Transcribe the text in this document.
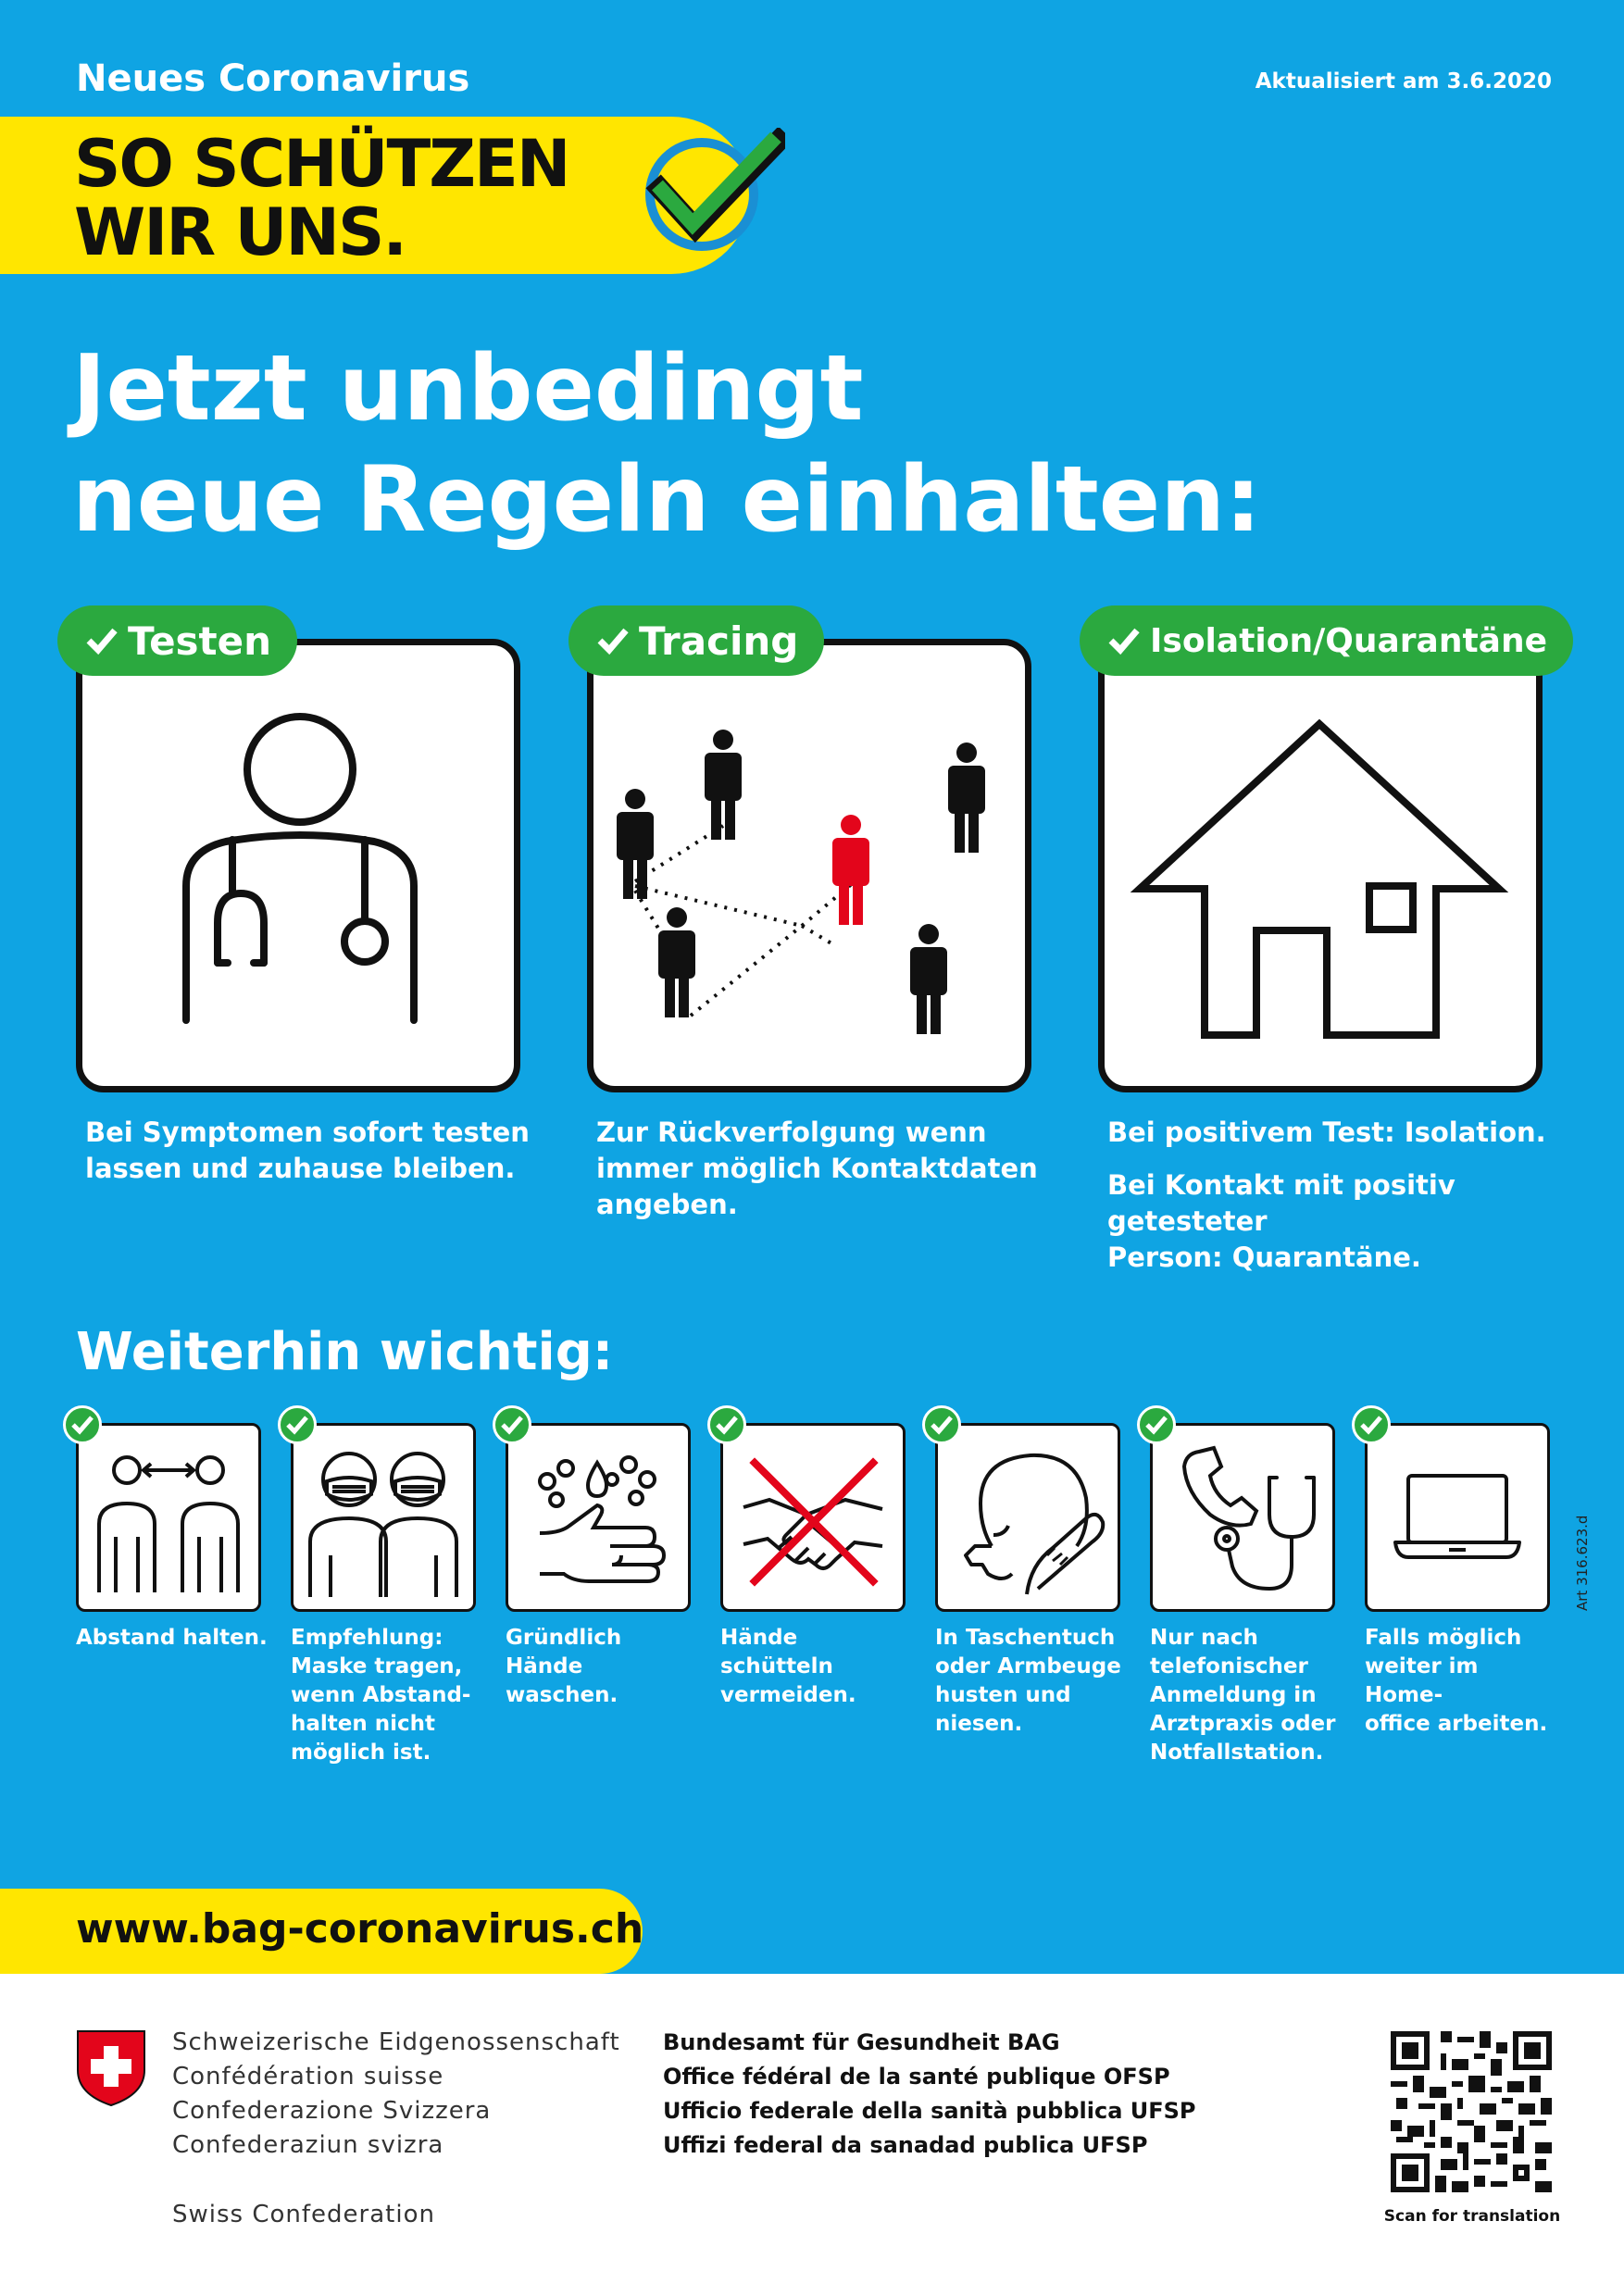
Neues Coronavirus	Aktualisiert am 3.6.2020
SO SCHÜTZEN
WIR UNS.
Jetzt unbedingt
neue Regeln einhalten:
Testen	Tracing	Isolation/Quarantäne
Bei Symptomen sofort testen
lassen und zuhause bleiben.
Zur Rückverfolgung wenn
immer möglich Kontaktdaten
angeben.
Bei positivem Test: Isolation.
Bei Kontakt mit positiv getesteter
Person: Quarantäne.
Weiterhin wichtig:
Abstand halten. Empfehlung:
Maske tragen,
wenn Abstand-
halten nicht
möglich ist.
Gründlich Hände
waschen.
Hände schütteln
vermeiden.
In Taschentuch
oder Armbeuge
husten und
niesen.
Nur nach
telefonischer
Anmeldung in
Arztpraxis oder
Notfallstation.
Falls möglich
weiter im Home-
office arbeiten.
Art 316.623.d
www.bag-coronavirus.ch
Schweizerische Eidgenossenschaft
Confédération suisse
Confederazione Svizzera
Confederaziun svizra
Swiss Confederation
Bundesamt für Gesundheit BAG
Office fédéral de la santé publique OFSP
Ufficio federale della sanità pubblica UFSP
Uffizi federal da sanadad publica UFSP
Scan for translation
